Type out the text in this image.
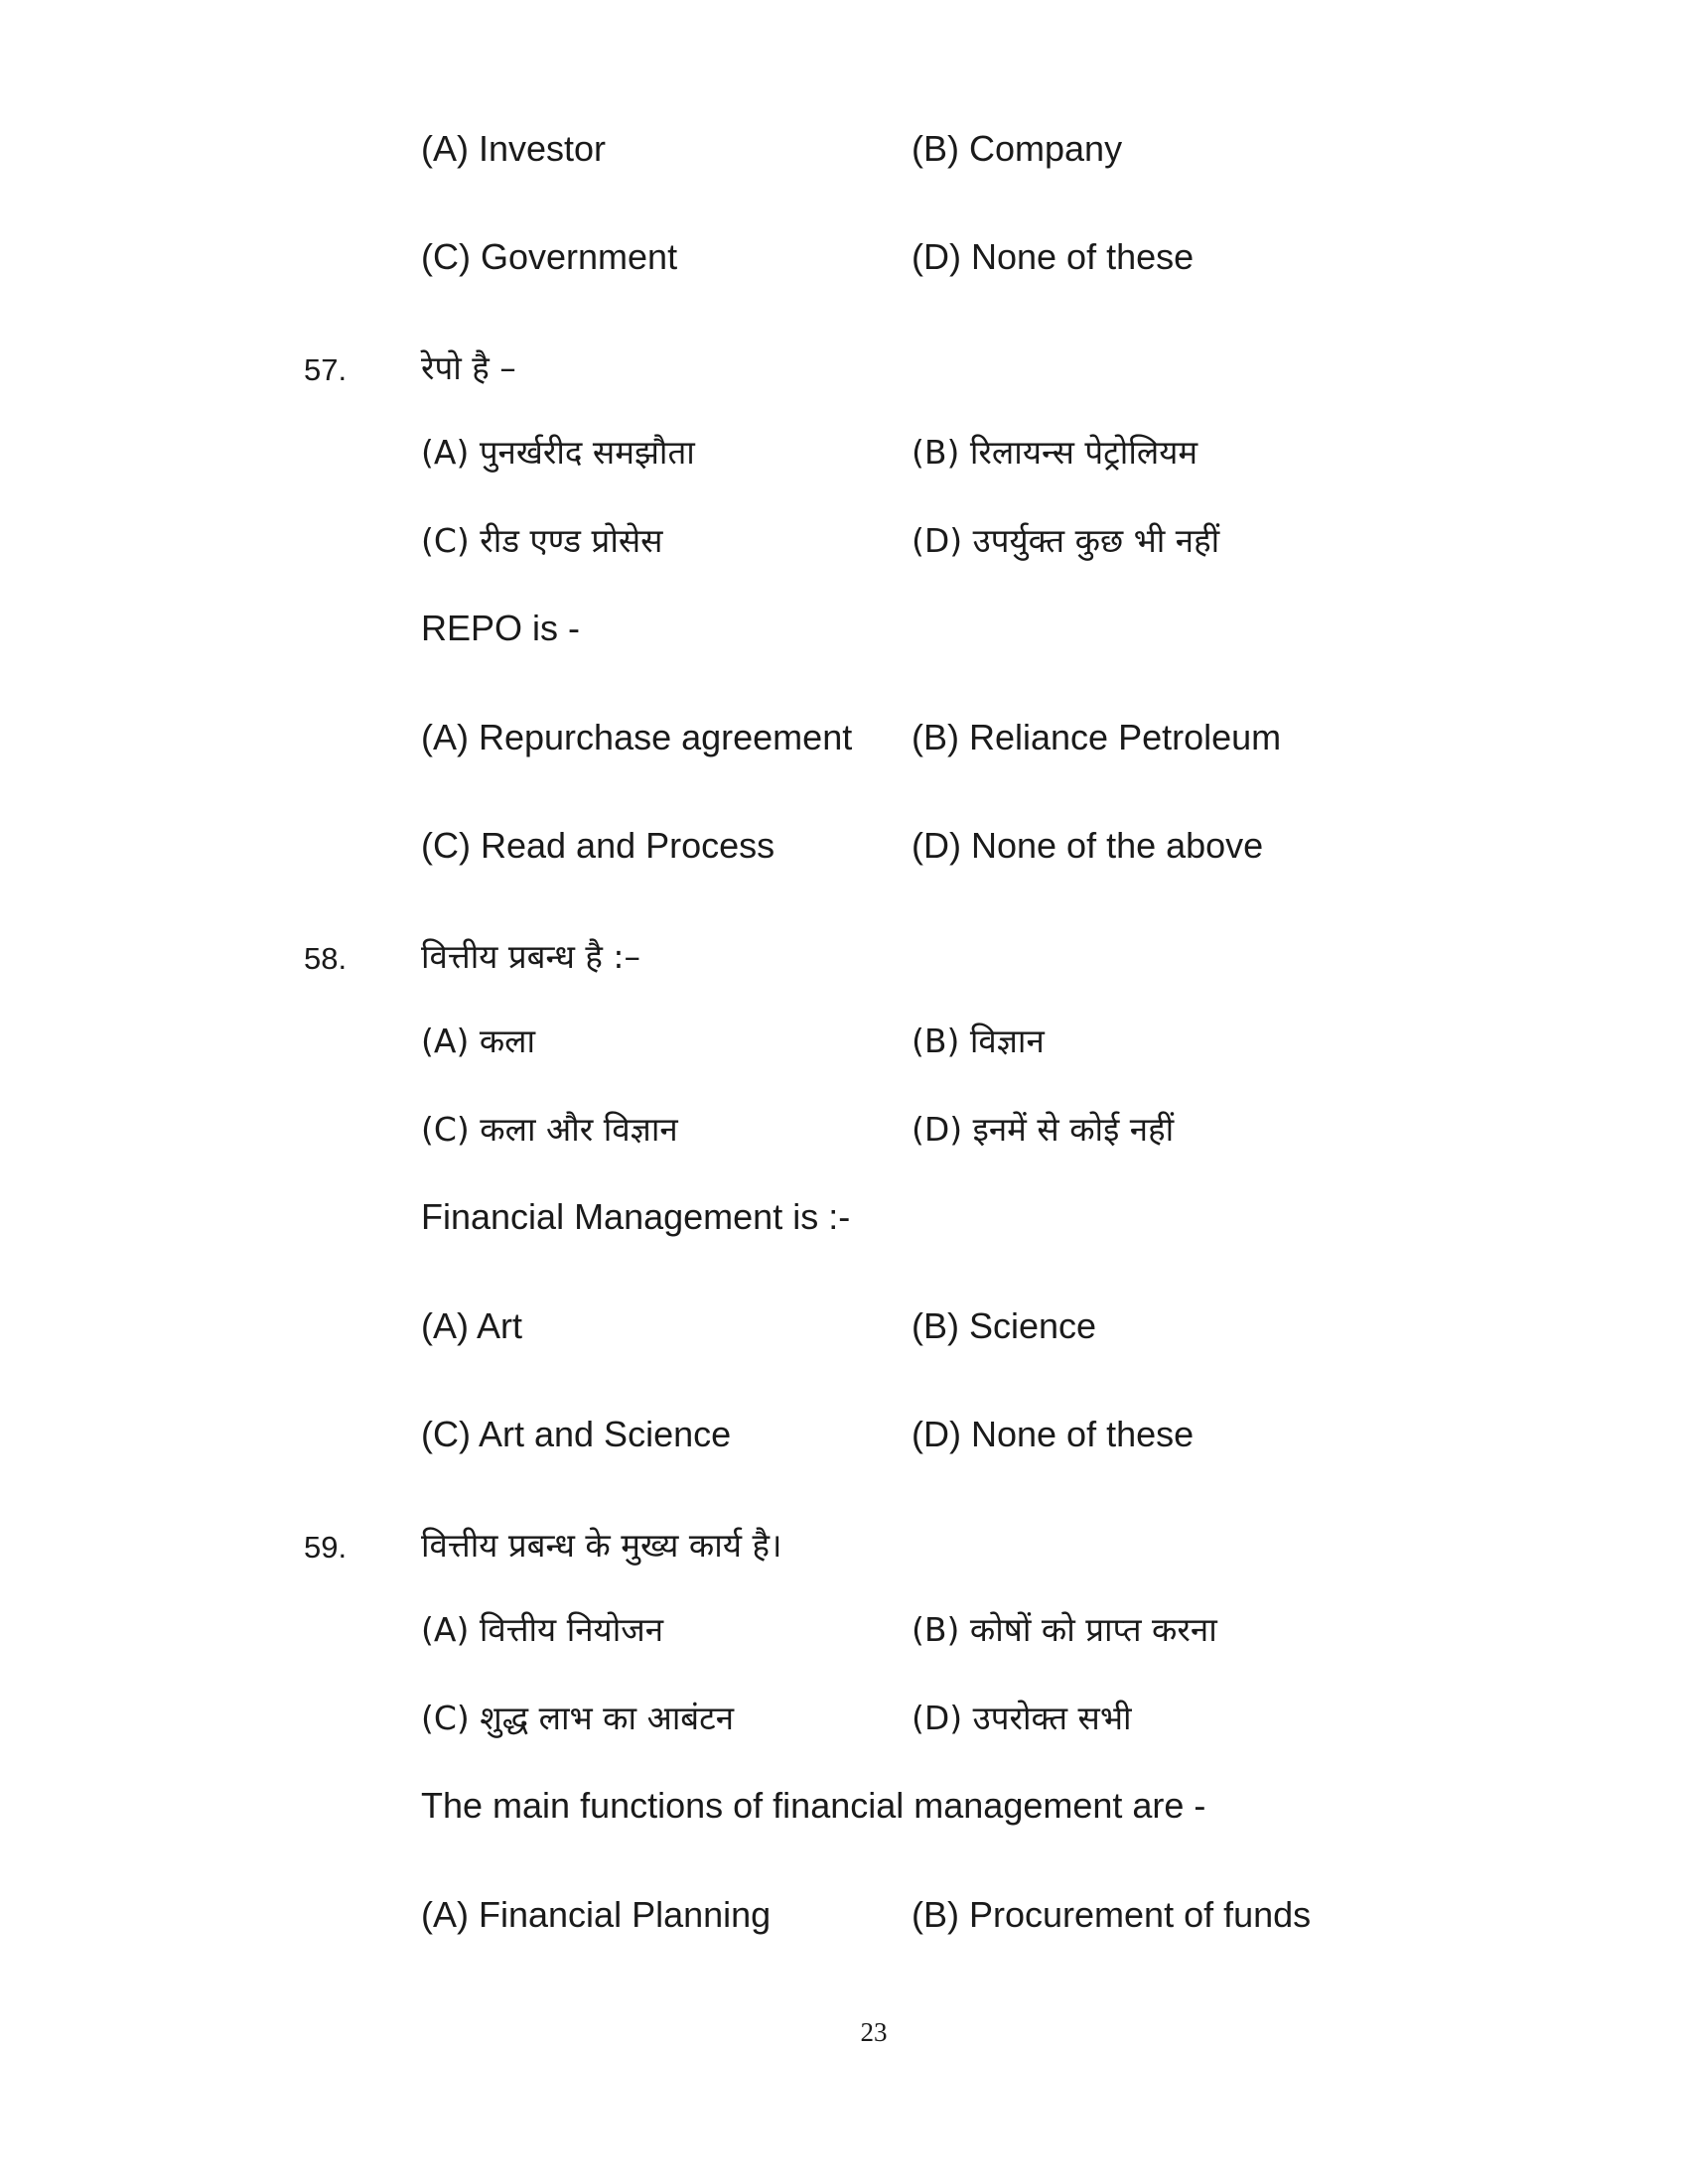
(A) Investor	(B) Company
(C) Government	(D) None of these
57. रेपो है –
(A) पुनर्खरीद समझौता	(B) रिलायन्स पेट्रोलियम
(C) रीड एण्ड प्रोसेस	(D) उपर्युक्त कुछ भी नहीं
REPO is -
(A) Repurchase agreement (B) Reliance Petroleum
(C) Read and Process	(D) None of the above
58. वित्तीय प्रबन्ध है :–
(A) कला	(B) विज्ञान
(C) कला और विज्ञान	(D) इनमें से कोई नहीं
Financial Management is :-
(A) Art	(B) Science
(C) Art and Science	(D) None of these
59. वित्तीय प्रबन्ध के मुख्य कार्य है।
(A) वित्तीय नियोजन	(B) कोषों को प्राप्त करना
(C) शुद्ध लाभ का आबंटन	(D) उपरोक्त सभी
The main functions of financial management are -
(A) Financial Planning	(B) Procurement of funds
23
